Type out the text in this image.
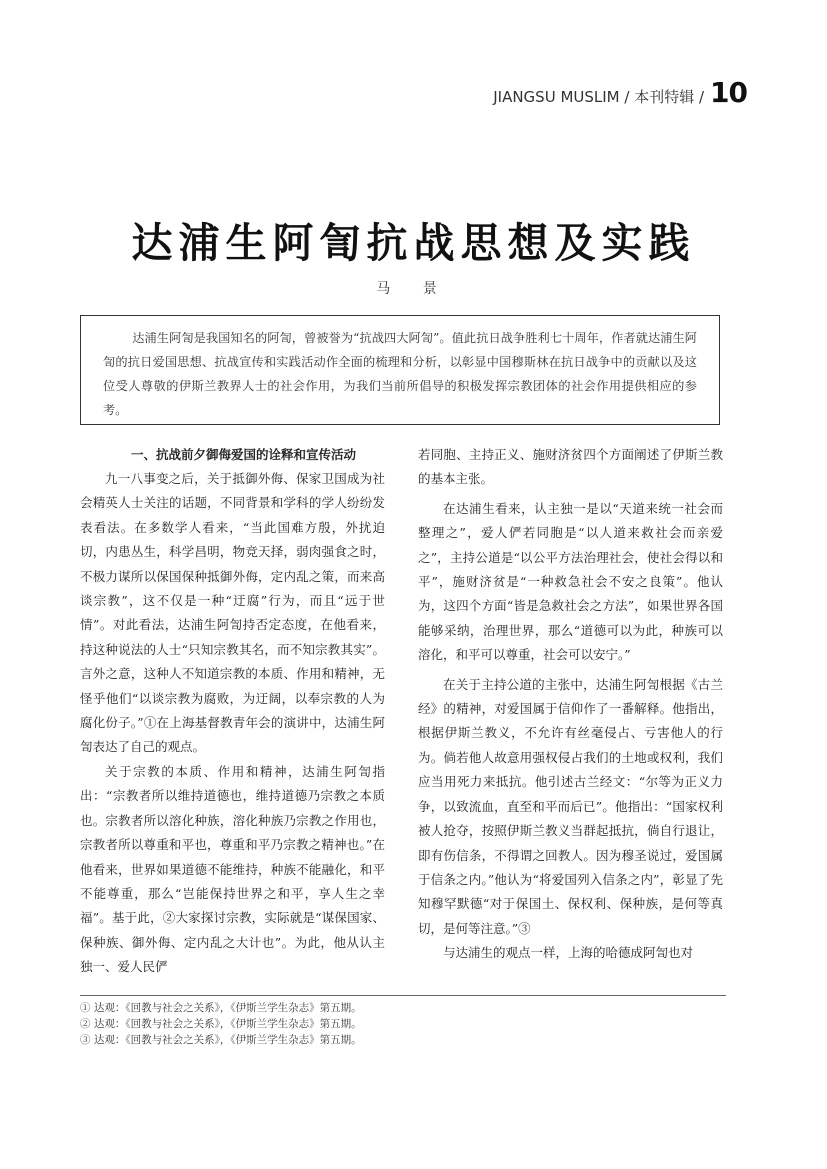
JIANGSU MUSLIM / 本刊特辑 / 10
达浦生阿訇抗战思想及实践
马 景
达浦生阿訇是我国知名的阿訇，曾被誉为“抗战四大阿訇”。值此抗日战争胜利七十周年，作者就达浦生阿訇的抗日爱国思想、抗战宣传和实践活动作全面的梳理和分析，以彰显中国穆斯林在抗日战争中的贡献以及这位受人尊敬的伊斯兰教界人士的社会作用，为我们当前所倡导的积极发挥宗教团体的社会作用提供相应的参考。

一、抗战前夕御侮爱国的诠释和宣传活动

九一八事变之后，关于抵御外侮、保家卫国成为社会精英人士关注的话题，不同背景和学科的学人纷纷发表看法。在多数学人看来，“当此国难方殷，外扰迫切，内患丛生，科学昌明，物竞天择，弱肉强食之时，不极力谋所以保国保种抵御外侮，定内乱之策，而来高谈宗教”，这不仅是一种“迂腐”行为，而且“远于世情”。对此看法，达浦生阿訇持否定态度，在他看来，持这种说法的人士“只知宗教其名，而不知宗教其实”。言外之意，这种人不知道宗教的本质、作用和精神，无怪乎他们“以谈宗教为腐败，为迂阔，以奉宗教的人为腐化份子。”①在上海基督教青年会的演讲中，达浦生阿訇表达了自己的观点。

关于宗教的本质、作用和精神，达浦生阿訇指出：“宗教者所以维持道德也，维持道德乃宗教之本质也。宗教者所以溶化种族，溶化种族乃宗教之作用也，宗教者所以尊重和平也，尊重和平乃宗教之精神也。”在他看来，世界如果道德不能维持，种族不能融化，和平不能尊重，那么“岂能保持世界之和平，享人生之幸福”。基于此，②大家探讨宗教，实际就是“谋保国家、保种族、御外侮、定内乱之大计也”。为此，他从认主独一、爱人民俨

若同胞、主持正义、施财济贫四个方面阐述了伊斯兰教的基本主张。

在达浦生看来，认主独一是以“天道来统一社会而整理之”，爱人俨若同胞是“以人道来救社会而亲爱之”，主持公道是“以公平方法治理社会，使社会得以和平”，施财济贫是“一种救急社会不安之良策”。他认为，这四个方面“皆是急救社会之方法”，如果世界各国能够采纳，治理世界，那么“道德可以为此，种族可以溶化，和平可以尊重，社会可以安宁。”

在关于主持公道的主张中，达浦生阿訇根据《古兰经》的精神，对爱国属于信仰作了一番解释。他指出，根据伊斯兰教义，不允许有丝毫侵占、亏害他人的行为。倘若他人故意用强权侵占我们的土地或权利，我们应当用死力来抵抗。他引述古兰经文：“尔等为正义力争，以致流血，直至和平而后已”。他指出：“国家权利被人抢夺，按照伊斯兰教义当群起抵抗，倘自行退让，即有伤信条，不得谓之回教人。因为穆圣说过，爱国属于信条之内。”他认为“将爱国列入信条之内”，彰显了先知穆罕默德“对于保国土、保权利、保种族，是何等真切，是何等注意。”③

与达浦生的观点一样，上海的哈德成阿訇也对

① 达观：《回教与社会之关系》，《伊斯兰学生杂志》第五期。
② 达观：《回教与社会之关系》，《伊斯兰学生杂志》第五期。
③ 达观：《回教与社会之关系》，《伊斯兰学生杂志》第五期。
